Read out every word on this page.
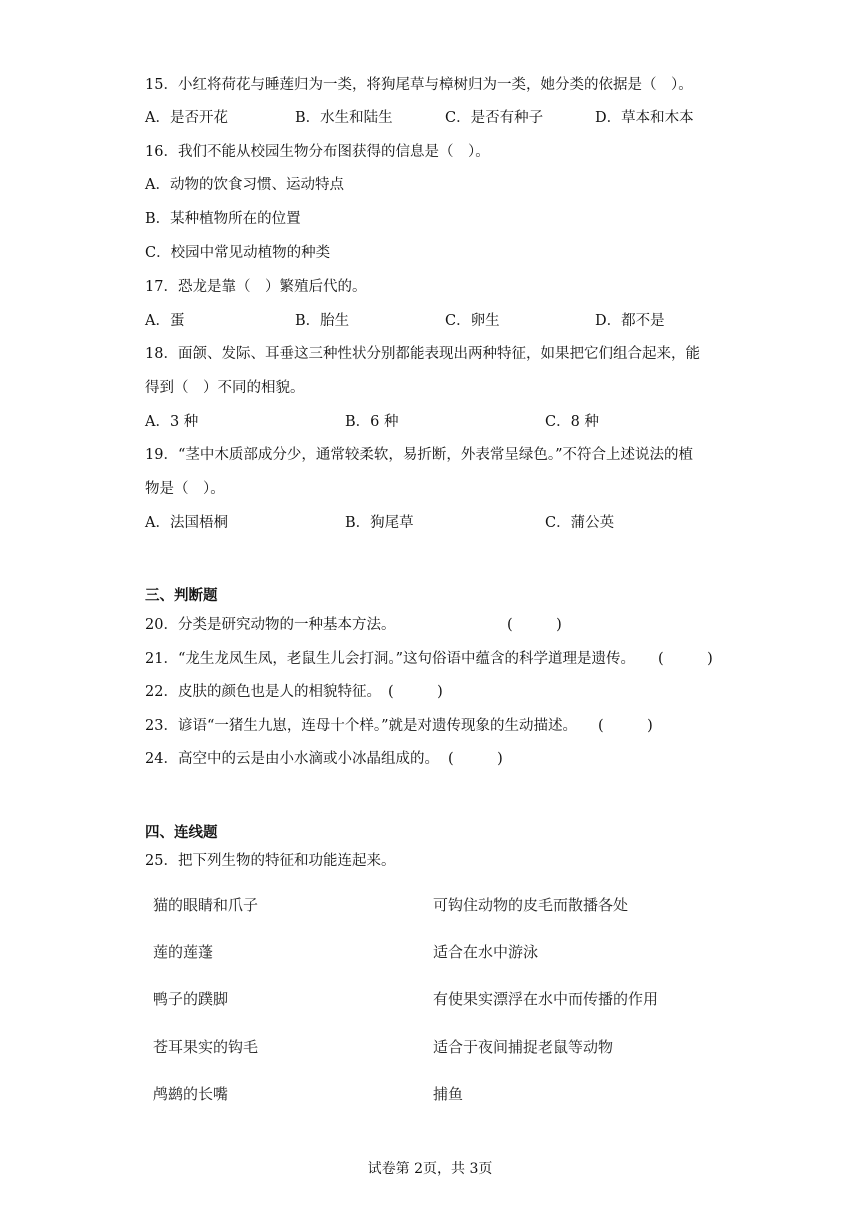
15．小红将荷花与睡莲归为一类，将狗尾草与樟树归为一类，她分类的依据是（　）。
A．是否开花	B．水生和陆生	C．是否有种子	D．草本和木本
16．我们不能从校园生物分布图获得的信息是（　）。
A．动物的饮食习惯、运动特点
B．某种植物所在的位置
C．校园中常见动植物的种类
17．恐龙是靠（　）繁殖后代的。
A．蛋	B．胎生	C．卵生	D．都不是
18．面颌、发际、耳垂这三种性状分别都能表现出两种特征，如果把它们组合起来，能
得到（　）不同的相貌。
A．3 种	B．6 种	C．8 种
19．“茎中木质部成分少，通常较柔软，易折断，外表常呈绿色。”不符合上述说法的植
物是（　）。
A．法国梧桐	B．狗尾草	C．蒲公英
三、判断题
20．分类是研究动物的一种基本方法。	(　　　)
21．“龙生龙凤生凤，老鼠生儿会打洞。”这句俗语中蕴含的科学道理是遗传。 (　　　)
22．皮肤的颜色也是人的相貌特征。 (　　　)
23．谚语“一猪生九崽，连母十个样。”就是对遗传现象的生动描述。 (　　　)
24．高空中的云是由小水滴或小冰晶组成的。 (　　　)
四、连线题
25．把下列生物的特征和功能连起来。
猫的眼睛和爪子
莲的莲蓬
鸭子的蹼脚
苍耳果实的钩毛
鸬鹚的长嘴
可钩住动物的皮毛而散播各处
适合在水中游泳
有使果实漂浮在水中而传播的作用
适合于夜间捕捉老鼠等动物
捕鱼
试卷第 2页，共 3页
